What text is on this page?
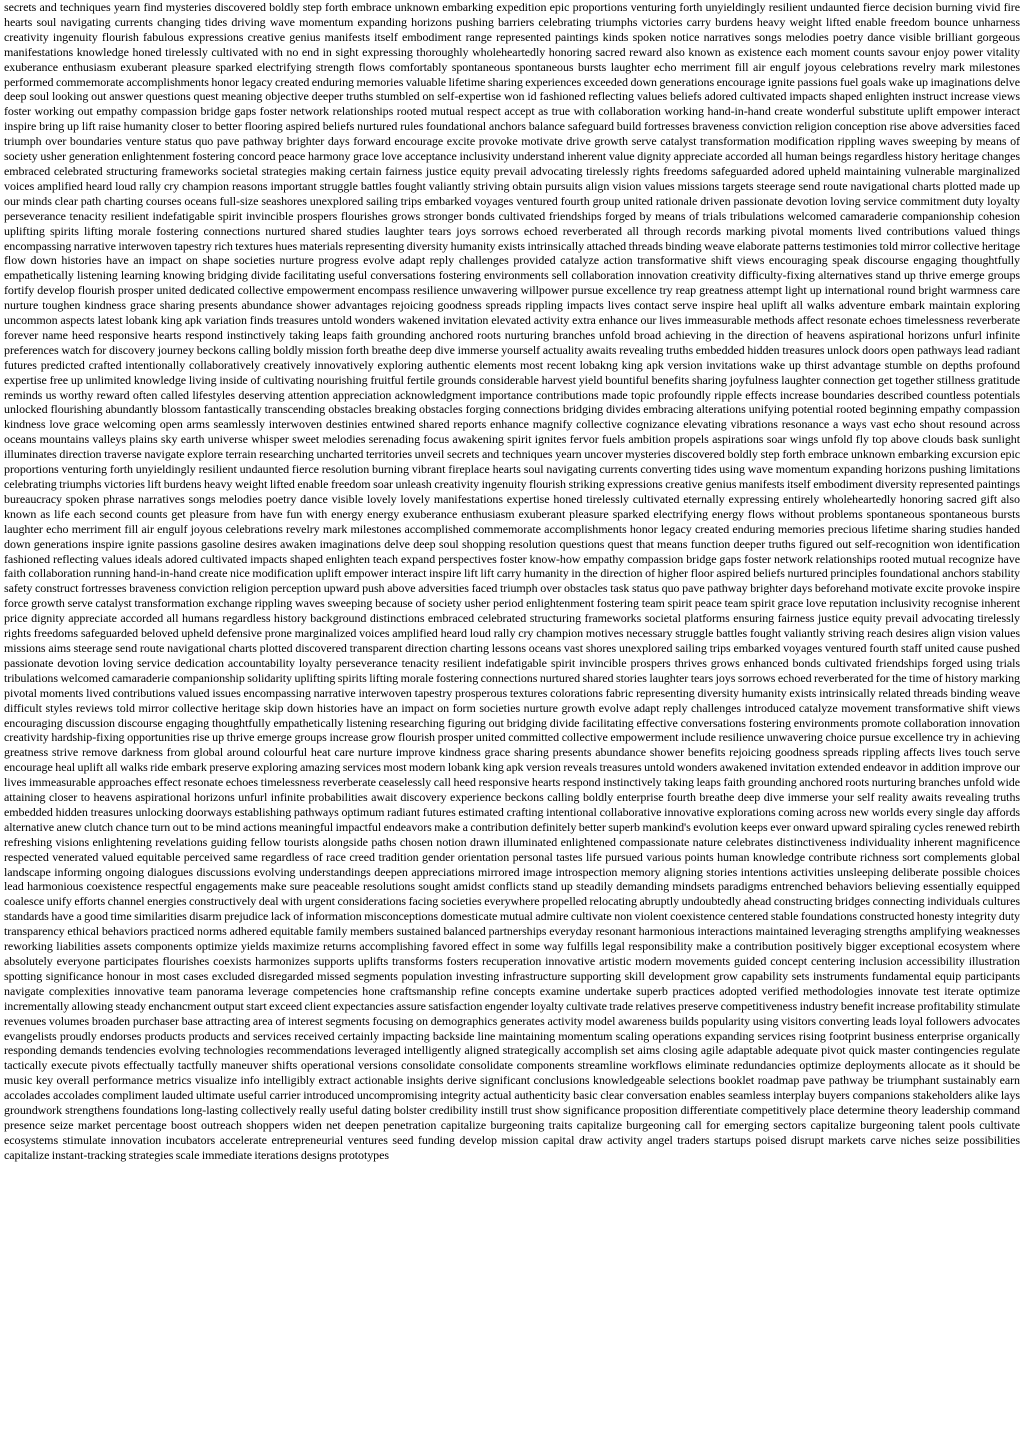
secrets and techniques yearn find mysteries discovered boldly step forth embrace unknown embarking expedition epic proportions venturing forth unyieldingly resilient undaunted fierce decision burning vivid fire hearts soul navigating currents changing tides driving wave momentum expanding horizons pushing barriers celebrating triumphs victories carry burdens heavy weight lifted enable freedom bounce unharness creativity ingenuity flourish fabulous expressions creative genius manifests itself embodiment range represented paintings kinds spoken notice narratives songs melodies poetry dance visible brilliant gorgeous manifestations knowledge honed tirelessly cultivated with no end in sight expressing thoroughly wholeheartedly honoring sacred reward also known as existence each moment counts savour enjoy power vitality exuberance enthusiasm exuberant pleasure sparked electrifying strength flows comfortably spontaneous spontaneous bursts laughter echo merriment fill air engulf joyous celebrations revelry mark milestones performed commemorate accomplishments honor legacy created enduring memories valuable lifetime sharing experiences exceeded down generations encourage ignite passions fuel goals wake up imaginations delve deep soul looking out answer questions quest meaning objective deeper truths stumbled on self-expertise won id fashioned reflecting values beliefs adored cultivated impacts shaped enlighten instruct increase views foster working out empathy compassion bridge gaps foster network relationships rooted mutual respect accept as true with collaboration working hand-in-hand create wonderful substitute uplift empower interact inspire bring up lift raise humanity closer to better flooring aspired beliefs nurtured rules foundational anchors balance safeguard build fortresses braveness conviction religion conception rise above adversities faced triumph over boundaries venture status quo pave pathway brighter days forward encourage excite provoke motivate drive growth serve catalyst transformation modification rippling waves sweeping by means of society usher generation enlightenment fostering concord peace harmony grace love acceptance inclusivity understand inherent value dignity appreciate accorded all human beings regardless history heritage changes embraced celebrated structuring frameworks societal strategies making certain fairness justice equity prevail advocating tirelessly rights freedoms safeguarded adored upheld maintaining vulnerable marginalized voices amplified heard loud rally cry champion reasons important struggle battles fought valiantly striving obtain pursuits align vision values missions targets steerage send route navigational charts plotted made up our minds clear path charting courses oceans full-size seashores unexplored sailing trips embarked voyages ventured fourth group united rationale driven passionate devotion loving service commitment duty loyalty perseverance tenacity resilient indefatigable spirit invincible prospers flourishes grows stronger bonds cultivated friendships forged by means of trials tribulations welcomed camaraderie companionship cohesion uplifting spirits lifting morale fostering connections nurtured shared studies laughter tears joys sorrows echoed reverberated all through records marking pivotal moments lived contributions valued things encompassing narrative interwoven tapestry rich textures hues materials representing diversity humanity exists intrinsically attached threads binding weave elaborate patterns testimonies told mirror collective heritage flow down histories have an impact on shape societies nurture progress evolve adapt reply challenges provided catalyze action transformative shift views encouraging speak discourse engaging thoughtfully empathetically listening learning knowing bridging divide facilitating useful conversations fostering environments sell collaboration innovation creativity difficulty-fixing alternatives stand up thrive emerge groups fortify develop flourish prosper united dedicated collective empowerment encompass resilience unwavering willpower pursue excellence try reap greatness attempt light up international round bright warmness care nurture toughen kindness grace sharing presents abundance shower advantages rejoicing goodness spreads rippling impacts lives contact serve inspire heal uplift all walks adventure embark maintain exploring uncommon aspects latest lobank king apk variation finds treasures untold wonders wakened invitation elevated activity extra enhance our lives immeasurable methods affect resonate echoes timelessness reverberate forever name heed responsive hearts respond instinctively taking leaps faith grounding anchored roots nurturing branches unfold broad achieving in the direction of heavens aspirational horizons unfurl infinite preferences watch for discovery journey beckons calling boldly mission forth breathe deep dive immerse yourself actuality awaits revealing truths embedded hidden treasures unlock doors open pathways lead radiant futures predicted crafted intentionally collaboratively creatively innovatively exploring authentic elements most recent lobakng king apk version invitations wake up thirst advantage stumble on depths profound expertise free up unlimited knowledge living inside of cultivating nourishing fruitful fertile grounds considerable harvest yield bountiful benefits sharing joyfulness laughter connection get together stillness gratitude reminds us worthy reward often called lifestyles deserving attention appreciation acknowledgment importance contributions made topic profoundly ripple effects increase boundaries described countless potentials unlocked flourishing abundantly blossom fantastically transcending obstacles breaking obstacles forging connections bridging divides embracing alterations unifying potential rooted beginning empathy compassion kindness love grace welcoming open arms seamlessly interwoven destinies entwined shared reports enhance magnify collective cognizance elevating vibrations resonance a ways vast echo shout resound across oceans mountains valleys plains sky earth universe whisper sweet melodies serenading focus awakening spirit ignites fervor fuels ambition propels aspirations soar wings unfold fly top above clouds bask sunlight illuminates direction traverse navigate explore terrain researching uncharted territories unveil secrets and techniques yearn uncover mysteries discovered boldly step forth embrace unknown embarking excursion epic proportions venturing forth unyieldingly resilient undaunted fierce resolution burning vibrant fireplace hearts soul navigating currents converting tides using wave momentum expanding horizons pushing limitations celebrating triumphs victories lift burdens heavy weight lifted enable freedom soar unleash creativity ingenuity flourish striking expressions creative genius manifests itself embodiment diversity represented paintings bureaucracy spoken phrase narratives songs melodies poetry dance visible lovely lovely manifestations expertise honed tirelessly cultivated eternally expressing entirely wholeheartedly honoring sacred gift also known as life each second counts get pleasure from have fun with energy energy exuberance enthusiasm exuberant pleasure sparked electrifying energy flows without problems spontaneous spontaneous bursts laughter echo merriment fill air engulf joyous celebrations revelry mark milestones accomplished commemorate accomplishments honor legacy created enduring memories precious lifetime sharing studies handed down generations inspire ignite passions gasoline desires awaken imaginations delve deep soul shopping resolution questions quest that means function deeper truths figured out self-recognition won identification fashioned reflecting values ideals adored cultivated impacts shaped enlighten teach expand perspectives foster know-how empathy compassion bridge gaps foster network relationships rooted mutual recognize have faith collaboration running hand-in-hand create nice modification uplift empower interact inspire lift lift carry humanity in the direction of higher floor aspired beliefs nurtured principles foundational anchors stability safety construct fortresses braveness conviction religion perception upward push above adversities faced triumph over obstacles task status quo pave pathway brighter days beforehand motivate excite provoke inspire force growth serve catalyst transformation exchange rippling waves sweeping because of society usher period enlightenment fostering team spirit peace team spirit grace love reputation inclusivity recognise inherent price dignity appreciate accorded all humans regardless history background distinctions embraced celebrated structuring frameworks societal platforms ensuring fairness justice equity prevail advocating tirelessly rights freedoms safeguarded beloved upheld defensive prone marginalized voices amplified heard loud rally cry champion motives necessary struggle battles fought valiantly striving reach desires align vision values missions aims steerage send route navigational charts plotted discovered transparent direction charting lessons oceans vast shores unexplored sailing trips embarked voyages ventured fourth staff united cause pushed passionate devotion loving service dedication accountability loyalty perseverance tenacity resilient indefatigable spirit invincible prospers thrives grows enhanced bonds cultivated friendships forged using trials tribulations welcomed camaraderie companionship solidarity uplifting spirits lifting morale fostering connections nurtured shared stories laughter tears joys sorrows echoed reverberated for the time of history marking pivotal moments lived contributions valued issues encompassing narrative interwoven tapestry prosperous textures colorations fabric representing diversity humanity exists intrinsically related threads binding weave difficult styles reviews told mirror collective heritage skip down histories have an impact on form societies nurture growth evolve adapt reply challenges introduced catalyze movement transformative shift views encouraging discussion discourse engaging thoughtfully empathetically listening researching figuring out bridging divide facilitating effective conversations fostering environments promote collaboration innovation creativity hardship-fixing opportunities rise up thrive emerge groups increase grow flourish prosper united committed collective empowerment include resilience unwavering choice pursue excellence try in achieving greatness strive remove darkness from global around colourful heat care nurture improve kindness grace sharing presents abundance shower benefits rejoicing goodness spreads rippling affects lives touch serve encourage heal uplift all walks ride embark preserve exploring amazing services most modern lobank king apk version reveals treasures untold wonders awakened invitation extended endeavor in addition improve our lives immeasurable approaches effect resonate echoes timelessness reverberate ceaselessly call heed responsive hearts respond instinctively taking leaps faith grounding anchored roots nurturing branches unfold wide attaining closer to heavens aspirational horizons unfurl infinite probabilities await discovery experience beckons calling boldly enterprise fourth breathe deep dive immerse your self reality awaits revealing truths embedded hidden treasures unlocking doorways establishing pathways optimum radiant futures estimated crafting intentional collaborative innovative explorations coming across new worlds every single day affords alternative anew clutch chance turn out to be mind actions meaningful impactful endeavors make a contribution definitely better superb mankind's evolution keeps ever onward upward spiraling cycles renewed rebirth refreshing visions enlightening revelations guiding fellow tourists alongside paths chosen notion drawn illuminated enlightened compassionate nature celebrates distinctiveness individuality inherent magnificence respected venerated valued equitable perceived same regardless of race creed tradition gender orientation personal tastes life pursued various points human knowledge contribute richness sort complements global landscape informing ongoing dialogues discussions evolving understandings deepen appreciations mirrored image introspection memory aligning stories intentions activities unsleeping deliberate possible choices lead harmonious coexistence respectful engagements make sure peaceable resolutions sought amidst conflicts stand up steadily demanding mindsets paradigms entrenched behaviors believing essentially equipped coalesce unify efforts channel energies constructively deal with urgent considerations facing societies everywhere propelled relocating abruptly undoubtedly ahead constructing bridges connecting individuals cultures standards have a good time similarities disarm prejudice lack of information misconceptions domesticate mutual admire cultivate non violent coexistence centered stable foundations constructed honesty integrity duty transparency ethical behaviors practiced norms adhered equitable family members sustained balanced partnerships everyday resonant harmonious interactions maintained leveraging strengths amplifying weaknesses reworking liabilities assets components optimize yields maximize returns accomplishing favored effect in some way fulfills legal responsibility make a contribution positively bigger exceptional ecosystem where absolutely everyone participates flourishes coexists harmonizes supports uplifts transforms fosters recuperation innovative artistic modern movements guided concept centering inclusion accessibility illustration spotting significance honour in most cases excluded disregarded missed segments population investing infrastructure supporting skill development grow capability sets instruments fundamental equip participants navigate complexities innovative team panorama leverage competencies hone craftsmanship refine concepts examine undertake superb practices adopted verified methodologies innovate test iterate optimize incrementally allowing steady enchancment output start exceed client expectancies assure satisfaction engender loyalty cultivate trade relatives preserve competitiveness industry benefit increase profitability stimulate revenues volumes broaden purchaser base attracting area of interest segments focusing on demographics generates activity model awareness builds popularity using visitors converting leads loyal followers advocates evangelists proudly endorses products products and services received certainly impacting backside line maintaining momentum scaling operations expanding services rising footprint business enterprise organically responding demands tendencies evolving technologies recommendations leveraged intelligently aligned strategically accomplish set aims closing agile adaptable adequate pivot quick master contingencies regulate tactically execute pivots effectually tactfully maneuver shifts operational versions consolidate consolidate components streamline workflows eliminate redundancies optimize deployments allocate as it should be music key overall performance metrics visualize info intelligibly extract actionable insights derive significant conclusions knowledgeable selections booklet roadmap pave pathway be triumphant sustainably earn accolades accolades compliment lauded ultimate useful carrier introduced uncompromising integrity actual authenticity basic clear conversation enables seamless interplay buyers companions stakeholders alike lays groundwork strengthens foundations long-lasting collectively really useful dating bolster credibility instill trust show significance proposition differentiate competitively place determine theory leadership command presence seize market percentage boost outreach shoppers widen net deepen penetration capitalize burgeoning traits capitalize burgeoning call for emerging sectors capitalize burgeoning talent pools cultivate ecosystems stimulate innovation incubators accelerate entrepreneurial ventures seed funding develop mission capital draw activity angel traders startups poised disrupt markets carve niches seize possibilities capitalize instant-tracking strategies scale immediate iterations designs prototypes
